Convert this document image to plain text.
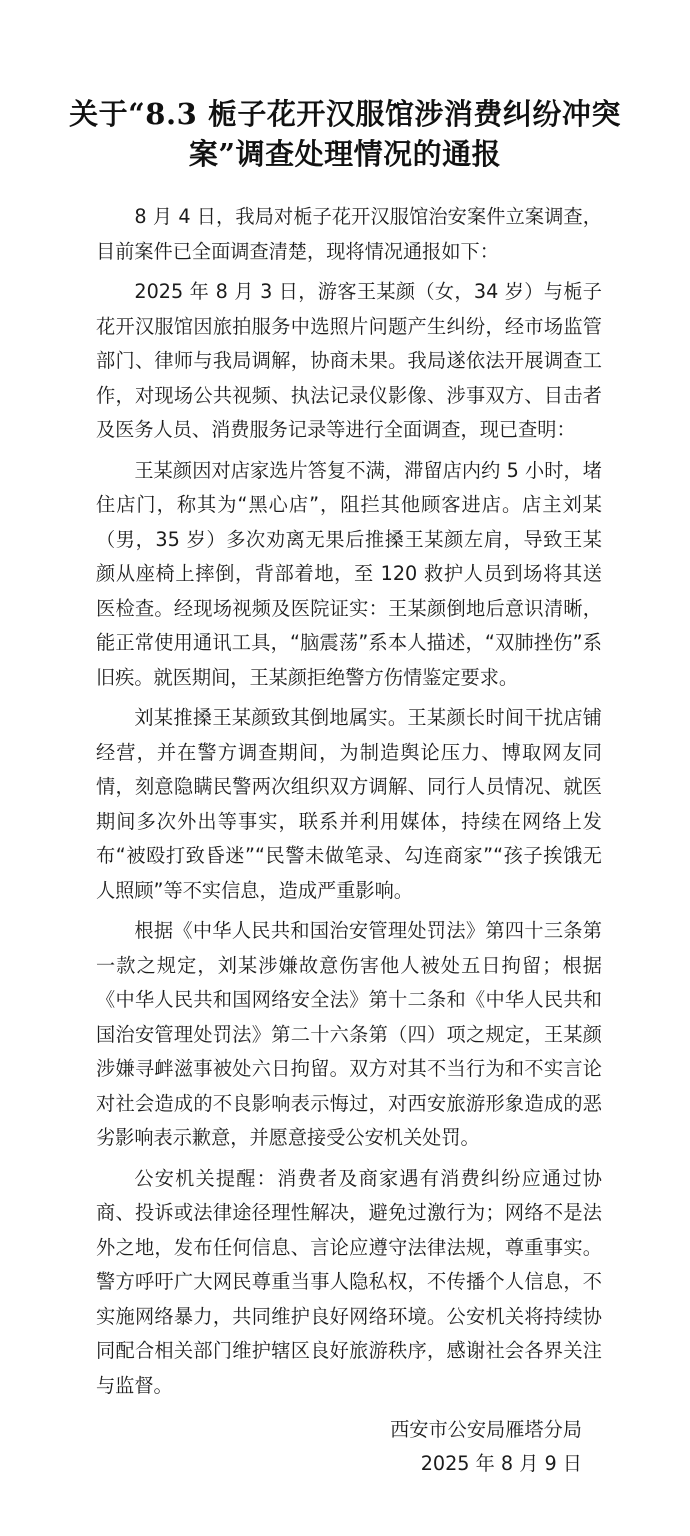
关于“8.3 栀子花开汉服馆涉消费纠纷冲突
案”调查处理情况的通报

8 月 4 日，我局对栀子花开汉服馆治安案件立案调查，目前案件已全面调查清楚，现将情况通报如下：

2025 年 8 月 3 日，游客王某颜（女，34 岁）与栀子花开汉服馆因旅拍服务中选照片问题产生纠纷，经市场监管部门、律师与我局调解，协商未果。我局遂依法开展调查工作，对现场公共视频、执法记录仪影像、涉事双方、目击者及医务人员、消费服务记录等进行全面调查，现已查明：

王某颜因对店家选片答复不满，滞留店内约 5 小时，堵住店门，称其为“黑心店”，阻拦其他顾客进店。店主刘某（男，35 岁）多次劝离无果后推搡王某颜左肩，导致王某颜从座椅上摔倒，背部着地，至 120 救护人员到场将其送医检查。经现场视频及医院证实：王某颜倒地后意识清晰，能正常使用通讯工具，“脑震荡”系本人描述，“双肺挫伤”系旧疾。就医期间，王某颜拒绝警方伤情鉴定要求。

刘某推搡王某颜致其倒地属实。王某颜长时间干扰店铺经营，并在警方调查期间，为制造舆论压力、博取网友同情，刻意隐瞒民警两次组织双方调解、同行人员情况、就医期间多次外出等事实，联系并利用媒体，持续在网络上发布“被殴打致昏迷”“民警未做笔录、勾连商家”“孩子挨饿无人照顾”等不实信息，造成严重影响。

根据《中华人民共和国治安管理处罚法》第四十三条第一款之规定，刘某涉嫌故意伤害他人被处五日拘留；根据《中华人民共和国网络安全法》第十二条和《中华人民共和国治安管理处罚法》第二十六条第（四）项之规定，王某颜涉嫌寻衅滋事被处六日拘留。双方对其不当行为和不实言论对社会造成的不良影响表示悔过，对西安旅游形象造成的恶劣影响表示歉意，并愿意接受公安机关处罚。

公安机关提醒：消费者及商家遇有消费纠纷应通过协商、投诉或法律途径理性解决，避免过激行为；网络不是法外之地，发布任何信息、言论应遵守法律法规，尊重事实。警方呼吁广大网民尊重当事人隐私权，不传播个人信息，不实施网络暴力，共同维护良好网络环境。公安机关将持续协同配合相关部门维护辖区良好旅游秩序，感谢社会各界关注与监督。

西安市公安局雁塔分局
2025 年 8 月 9 日
